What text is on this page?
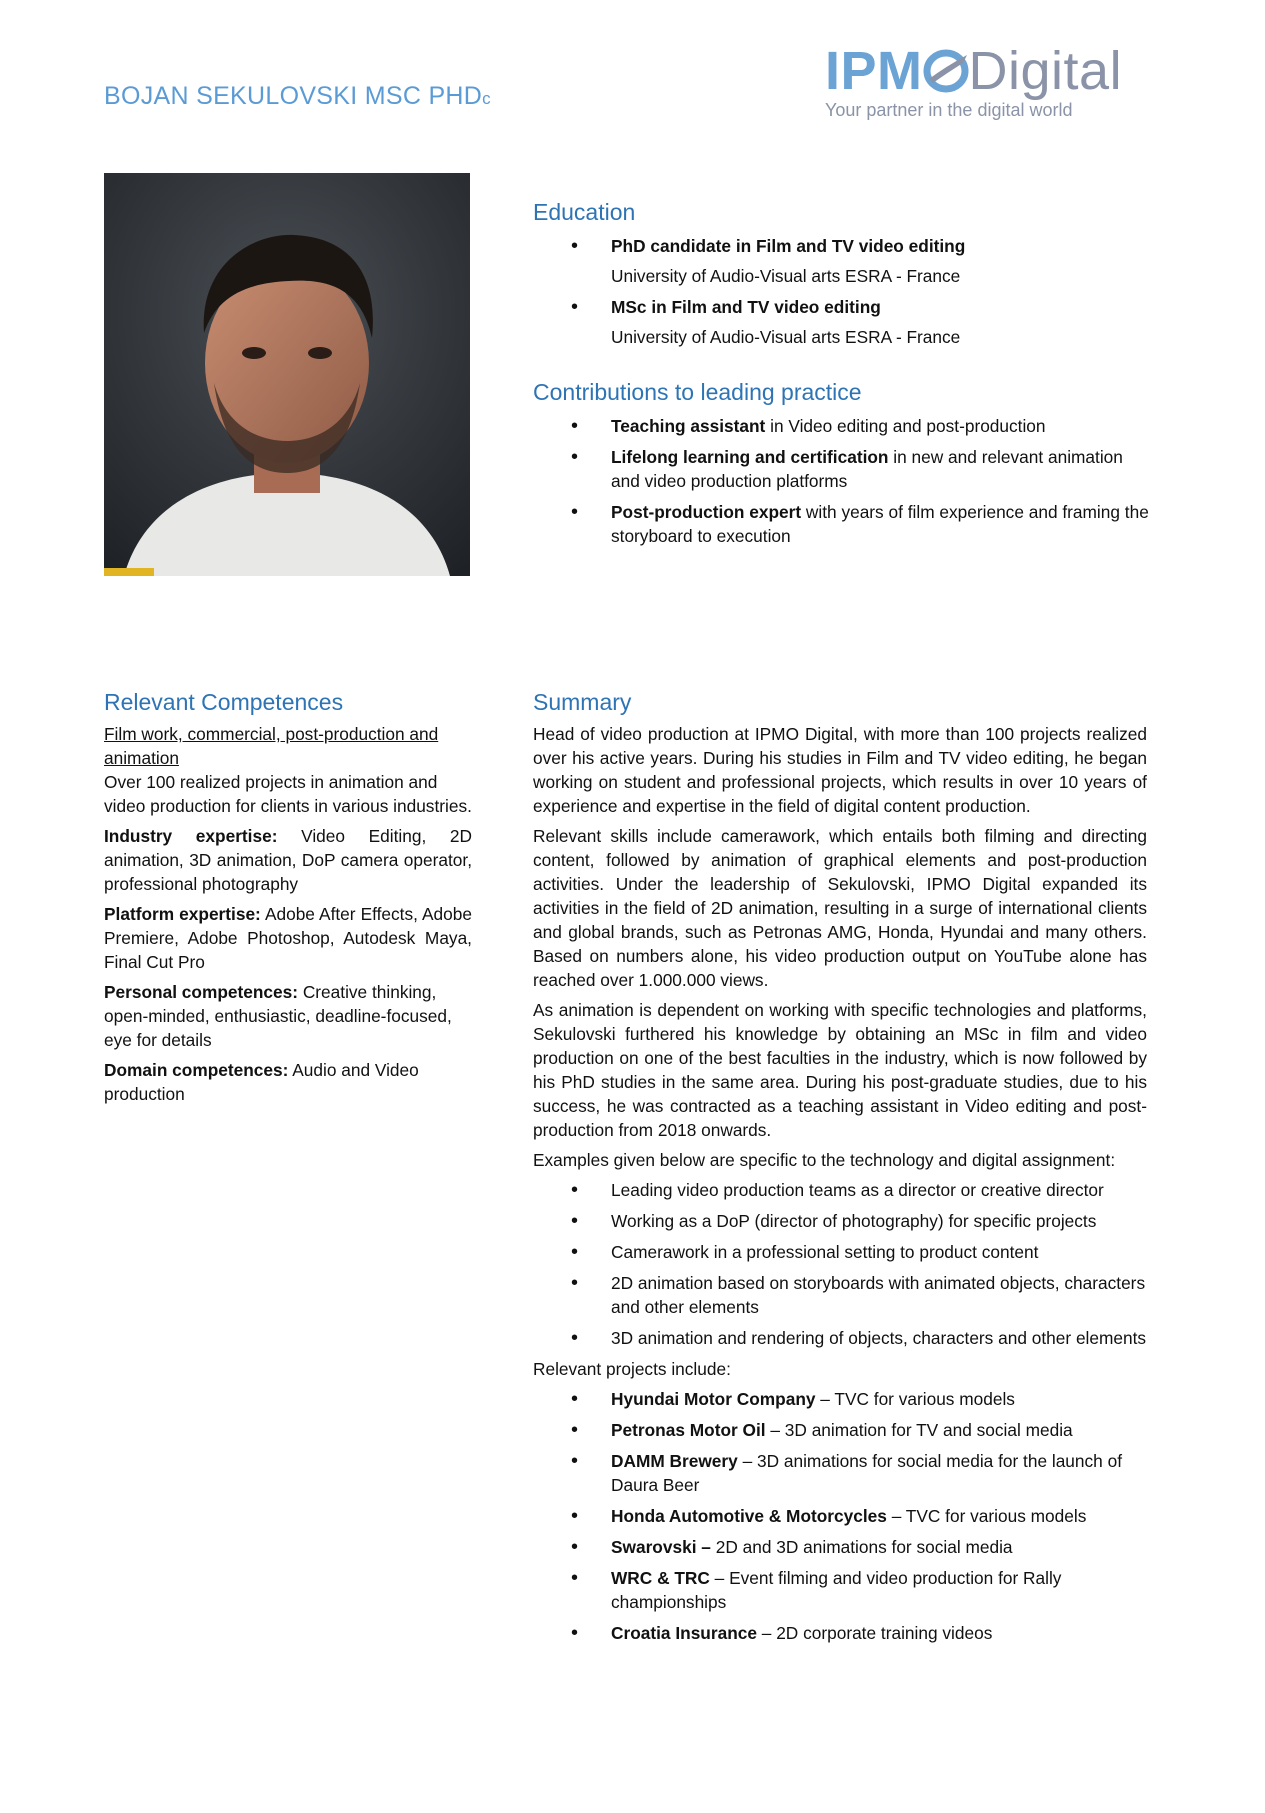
BOJAN SEKULOVSKI MSC PHDc	IPM Digital
Your partner in the digital world
Education
• PhD candidate in Film and TV video editing
University of Audio-Visual arts ESRA - France
• MSc in Film and TV video editing
University of Audio-Visual arts ESRA - France
Contributions to leading practice
• Teaching assistant in Video editing and post-production
• Lifelong learning and certification in new and relevant animation and video production platforms
• Post-production expert with years of film experience and framing the storyboard to execution
Relevant Competences
Film work, commercial, post-production and animation

Over 100 realized projects in animation and video production for clients in various industries.

Industry expertise: Video Editing, 2D animation, 3D animation, DoP camera operator, professional photography

Platform expertise: Adobe After Effects, Adobe Premiere, Adobe Photoshop, Autodesk Maya, Final Cut Pro

Personal competences: Creative thinking, open-minded, enthusiastic, deadline-focused, eye for details

Domain competences: Audio and Video production

Summary

Head of video production at IPMO Digital, with more than 100 projects realized over his active years. During his studies in Film and TV video editing, he began working on student and professional projects, which results in over 10 years of experience and expertise in the field of digital content production.

Relevant skills include camerawork, which entails both filming and directing content, followed by animation of graphical elements and post-production activities. Under the leadership of Sekulovski, IPMO Digital expanded its activities in the field of 2D animation, resulting in a surge of international clients and global brands, such as Petronas AMG, Honda, Hyundai and many others. Based on numbers alone, his video production output on YouTube alone has reached over 1.000.000 views.

As animation is dependent on working with specific technologies and platforms, Sekulovski furthered his knowledge by obtaining an MSc in film and video production on one of the best faculties in the industry, which is now followed by his PhD studies in the same area. During his post-graduate studies, due to his success, he was contracted as a teaching assistant in Video editing and post-production from 2018 onwards.

Examples given below are specific to the technology and digital assignment:

• Leading video production teams as a director or creative director
• Working as a DoP (director of photography) for specific projects
• Camerawork in a professional setting to product content
• 2D animation based on storyboards with animated objects, characters and other elements
• 3D animation and rendering of objects, characters and other elements

Relevant projects include:

• Hyundai Motor Company – TVC for various models
• Petronas Motor Oil – 3D animation for TV and social media
• DAMM Brewery – 3D animations for social media for the launch of Daura Beer
• Honda Automotive & Motorcycles – TVC for various models
• Swarovski – 2D and 3D animations for social media
• WRC & TRC – Event filming and video production for Rally championships
• Croatia Insurance – 2D corporate training videos
